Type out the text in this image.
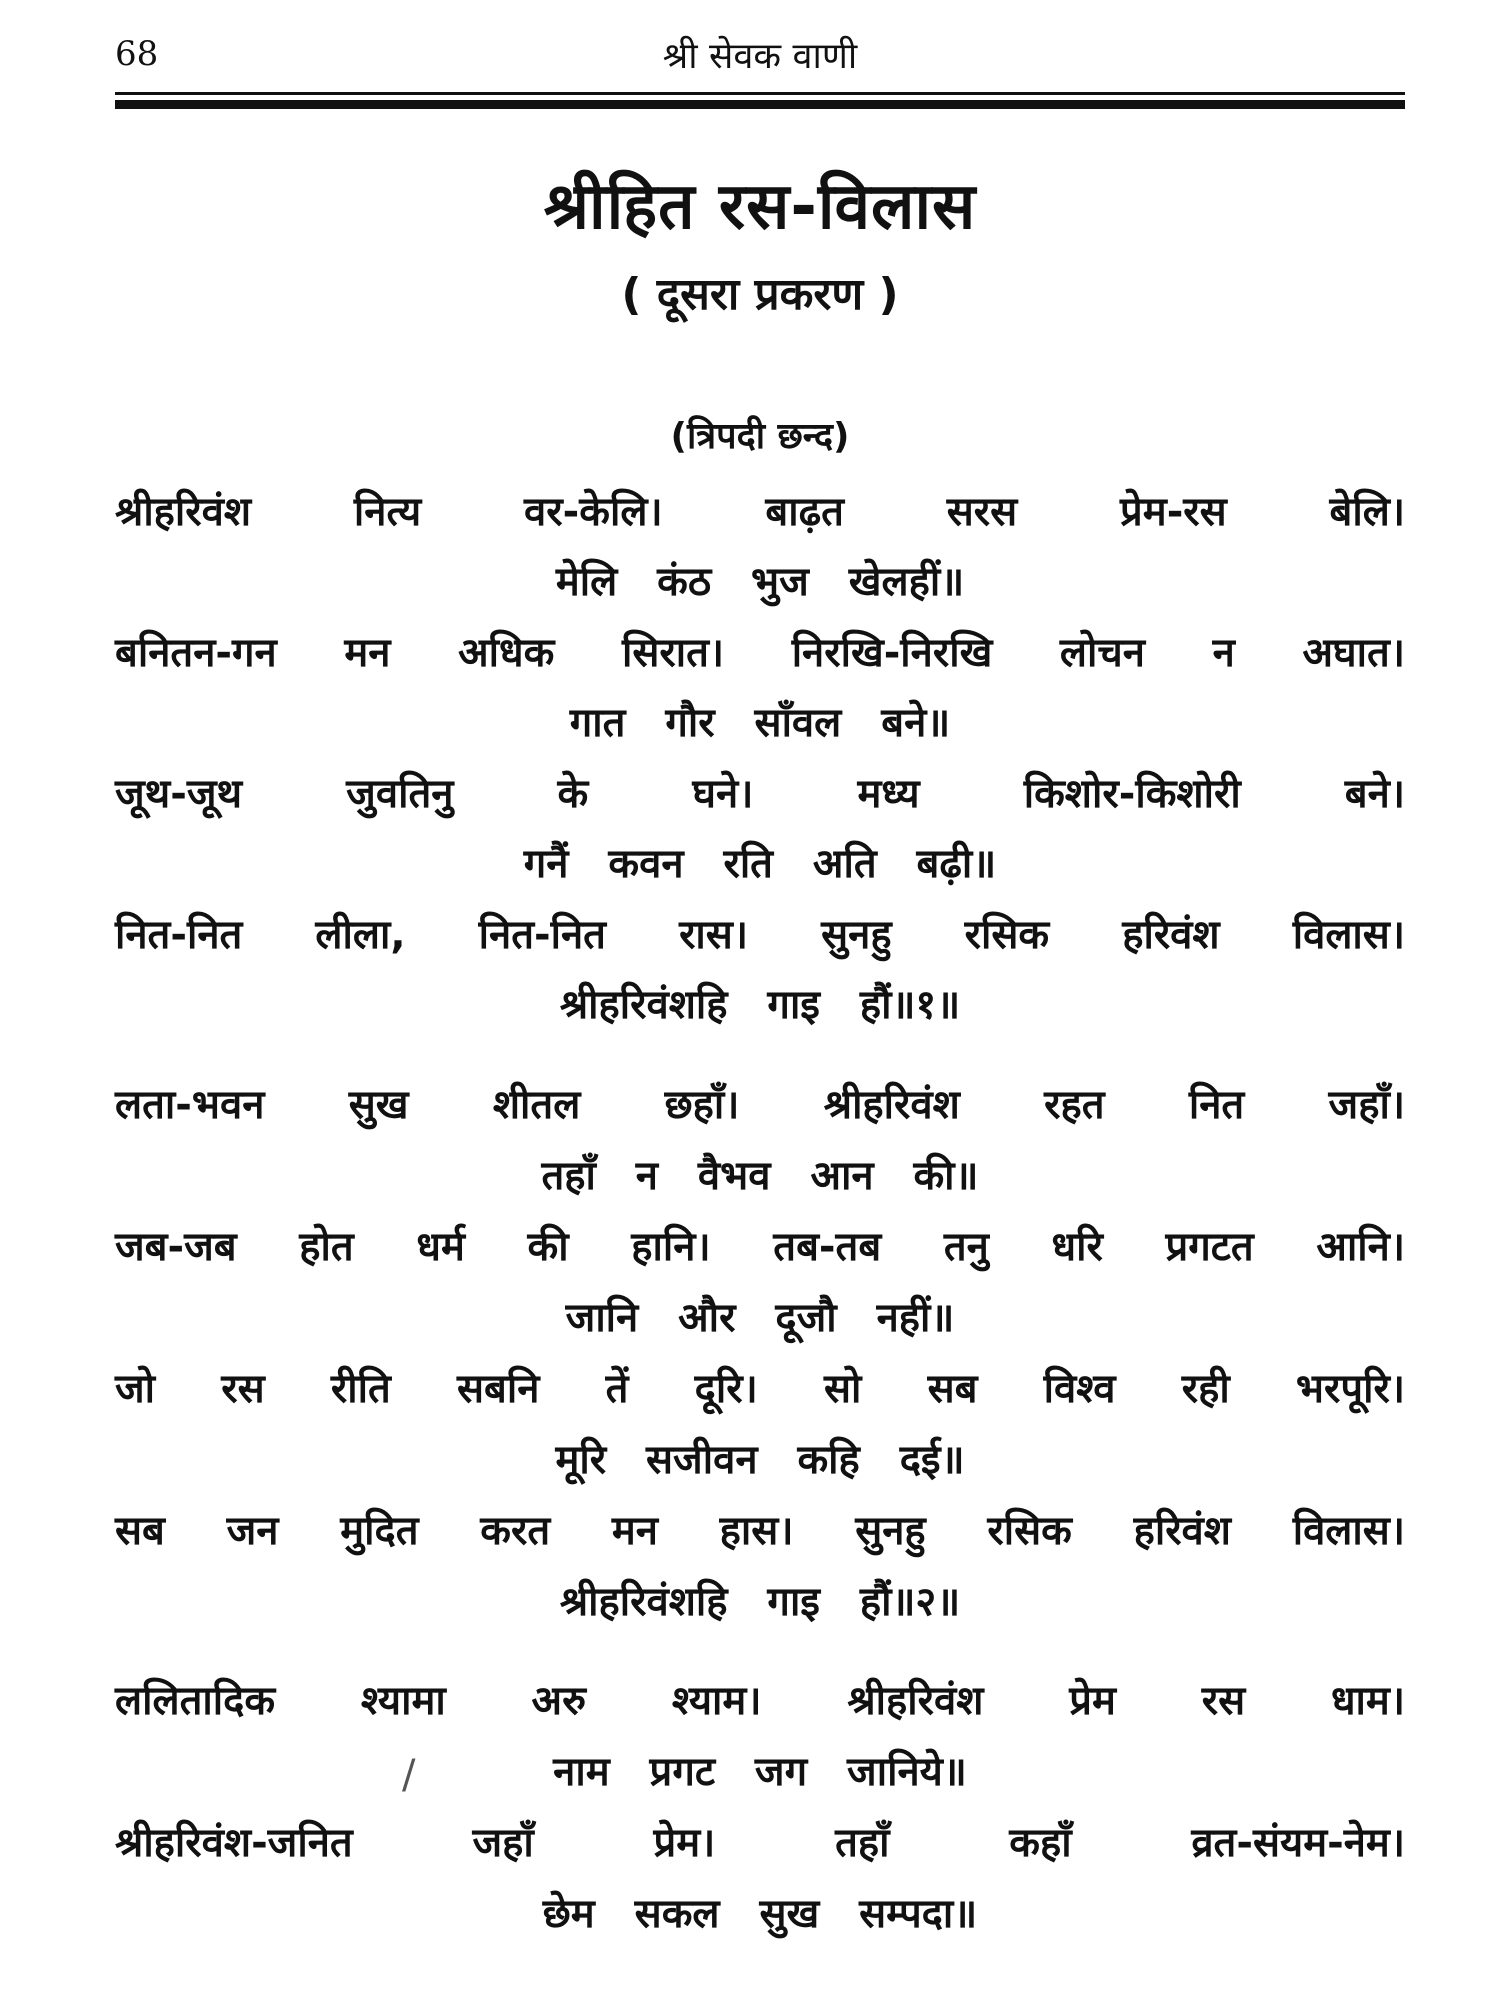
68	श्री सेवक वाणी
श्रीहित रस-विलास
( दूसरा प्रकरण )
(त्रिपदी छन्द)
श्रीहरिवंश नित्य वर-केलि। बाढ़त सरस प्रेम-रस बेलि।
मेलि कंठ भुज खेलहीं॥
बनितन-गन मन अधिक सिरात। निरखि-निरखि लोचन न अघात।
गात गौर साँवल बने॥
जूथ-जूथ जुवतिनु के घने। मध्य किशोर-किशोरी बने।
गनैं कवन रति अति बढ़ी॥
नित-नित लीला, नित-नित रास। सुनहु रसिक हरिवंश विलास।
श्रीहरिवंशहि गाइ हौं॥१॥
लता-भवन सुख शीतल छहाँ। श्रीहरिवंश रहत नित जहाँ।
तहाँ न वैभव आन की॥
जब-जब होत धर्म की हानि। तब-तब तनु धरि प्रगटत आनि।
जानि और दूजौ नहीं॥
जो रस रीति सबनि तें दूरि। सो सब विश्व रही भरपूरि।
मूरि सजीवन कहि दई॥
सब जन मुदित करत मन हास। सुनहु रसिक हरिवंश विलास।
श्रीहरिवंशहि गाइ हौं॥२॥
ललितादिक श्यामा अरु श्याम। श्रीहरिवंश प्रेम रस धाम।
नाम प्रगट जग जानिये॥
श्रीहरिवंश-जनित जहाँ प्रेम। तहाँ कहाँ व्रत-संयम-नेम।
छेम सकल सुख सम्पदा॥
/
